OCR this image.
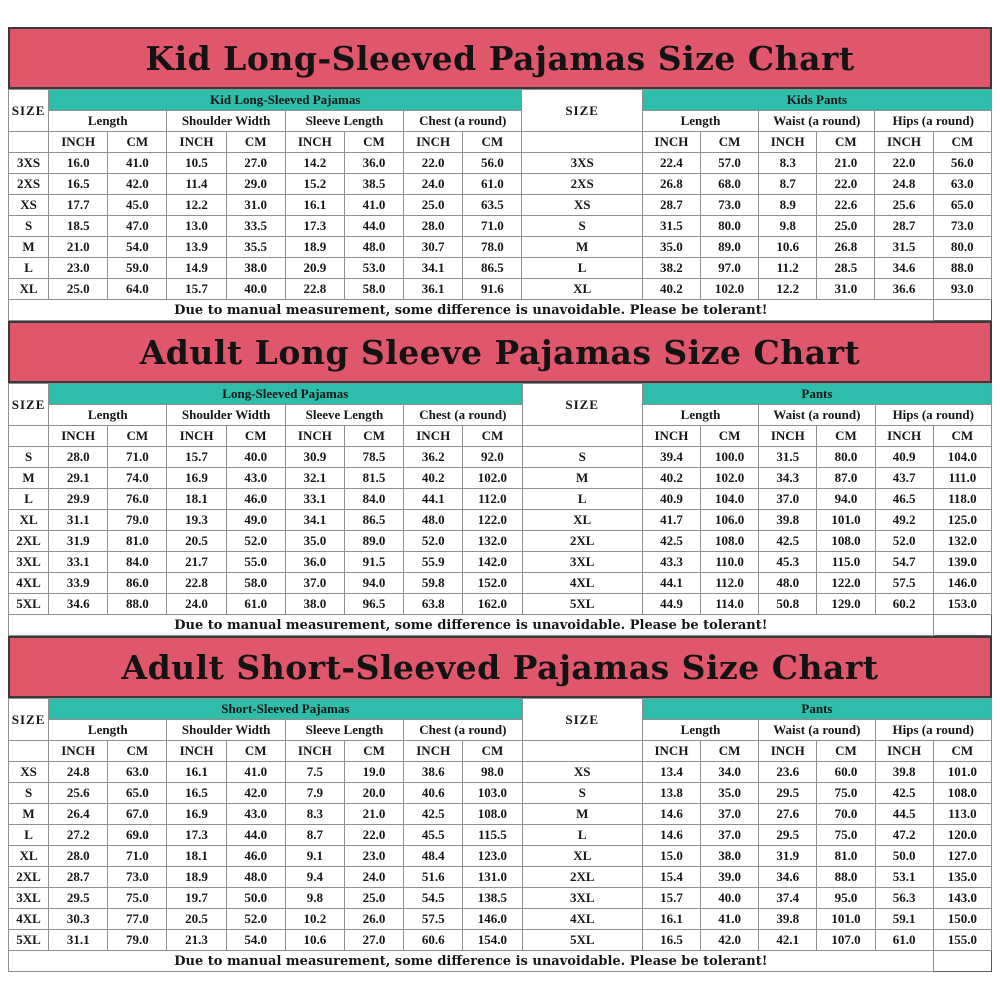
Kid Long-Sleeved Pajamas Size Chart
SIZE	Kid Long-Sleeved Pajamas								SIZE	Kids Pants					
	Length		Shoulder Width		Sleeve Length		Chest (a round)			Length		Waist (a round)		Hips (a round)	
	INCH	CM	INCH	CM	INCH	CM	INCH	CM		INCH	CM	INCH	CM	INCH	CM
3XS	16.0	41.0	10.5	27.0	14.2	36.0	22.0	56.0	3XS	22.4	57.0	8.3	21.0	22.0	56.0
2XS	16.5	42.0	11.4	29.0	15.2	38.5	24.0	61.0	2XS	26.8	68.0	8.7	22.0	24.8	63.0
XS	17.7	45.0	12.2	31.0	16.1	41.0	25.0	63.5	XS	28.7	73.0	8.9	22.6	25.6	65.0
S	18.5	47.0	13.0	33.5	17.3	44.0	28.0	71.0	S	31.5	80.0	9.8	25.0	28.7	73.0
M	21.0	54.0	13.9	35.5	18.9	48.0	30.7	78.0	M	35.0	89.0	10.6	26.8	31.5	80.0
L	23.0	59.0	14.9	38.0	20.9	53.0	34.1	86.5	L	38.2	97.0	11.2	28.5	34.6	88.0
XL	25.0	64.0	15.7	40.0	22.8	58.0	36.1	91.6	XL	40.2	102.0	12.2	31.0	36.6	93.0
Due to manual measurement, some difference is unavoidable. Please be tolerant!															
Adult Long Sleeve Pajamas Size Chart
SIZE	Long-Sleeved Pajamas								SIZE	Pants					
	Length		Shoulder Width		Sleeve Length		Chest (a round)			Length		Waist (a round)		Hips (a round)	
	INCH	CM	INCH	CM	INCH	CM	INCH	CM		INCH	CM	INCH	CM	INCH	CM
S	28.0	71.0	15.7	40.0	30.9	78.5	36.2	92.0	S	39.4	100.0	31.5	80.0	40.9	104.0
M	29.1	74.0	16.9	43.0	32.1	81.5	40.2	102.0	M	40.2	102.0	34.3	87.0	43.7	111.0
L	29.9	76.0	18.1	46.0	33.1	84.0	44.1	112.0	L	40.9	104.0	37.0	94.0	46.5	118.0
XL	31.1	79.0	19.3	49.0	34.1	86.5	48.0	122.0	XL	41.7	106.0	39.8	101.0	49.2	125.0
2XL	31.9	81.0	20.5	52.0	35.0	89.0	52.0	132.0	2XL	42.5	108.0	42.5	108.0	52.0	132.0
3XL	33.1	84.0	21.7	55.0	36.0	91.5	55.9	142.0	3XL	43.3	110.0	45.3	115.0	54.7	139.0
4XL	33.9	86.0	22.8	58.0	37.0	94.0	59.8	152.0	4XL	44.1	112.0	48.0	122.0	57.5	146.0
5XL	34.6	88.0	24.0	61.0	38.0	96.5	63.8	162.0	5XL	44.9	114.0	50.8	129.0	60.2	153.0
Due to manual measurement, some difference is unavoidable. Please be tolerant!															
Adult Short-Sleeved Pajamas Size Chart
SIZE	Short-Sleeved Pajamas								SIZE	Pants					
	Length		Shoulder Width		Sleeve Length		Chest (a round)			Length		Waist (a round)		Hips (a round)	
	INCH	CM	INCH	CM	INCH	CM	INCH	CM		INCH	CM	INCH	CM	INCH	CM
XS	24.8	63.0	16.1	41.0	7.5	19.0	38.6	98.0	XS	13.4	34.0	23.6	60.0	39.8	101.0
S	25.6	65.0	16.5	42.0	7.9	20.0	40.6	103.0	S	13.8	35.0	29.5	75.0	42.5	108.0
M	26.4	67.0	16.9	43.0	8.3	21.0	42.5	108.0	M	14.6	37.0	27.6	70.0	44.5	113.0
L	27.2	69.0	17.3	44.0	8.7	22.0	45.5	115.5	L	14.6	37.0	29.5	75.0	47.2	120.0
XL	28.0	71.0	18.1	46.0	9.1	23.0	48.4	123.0	XL	15.0	38.0	31.9	81.0	50.0	127.0
2XL	28.7	73.0	18.9	48.0	9.4	24.0	51.6	131.0	2XL	15.4	39.0	34.6	88.0	53.1	135.0
3XL	29.5	75.0	19.7	50.0	9.8	25.0	54.5	138.5	3XL	15.7	40.0	37.4	95.0	56.3	143.0
4XL	30.3	77.0	20.5	52.0	10.2	26.0	57.5	146.0	4XL	16.1	41.0	39.8	101.0	59.1	150.0
5XL	31.1	79.0	21.3	54.0	10.6	27.0	60.6	154.0	5XL	16.5	42.0	42.1	107.0	61.0	155.0
Due to manual measurement, some difference is unavoidable. Please be tolerant!															
